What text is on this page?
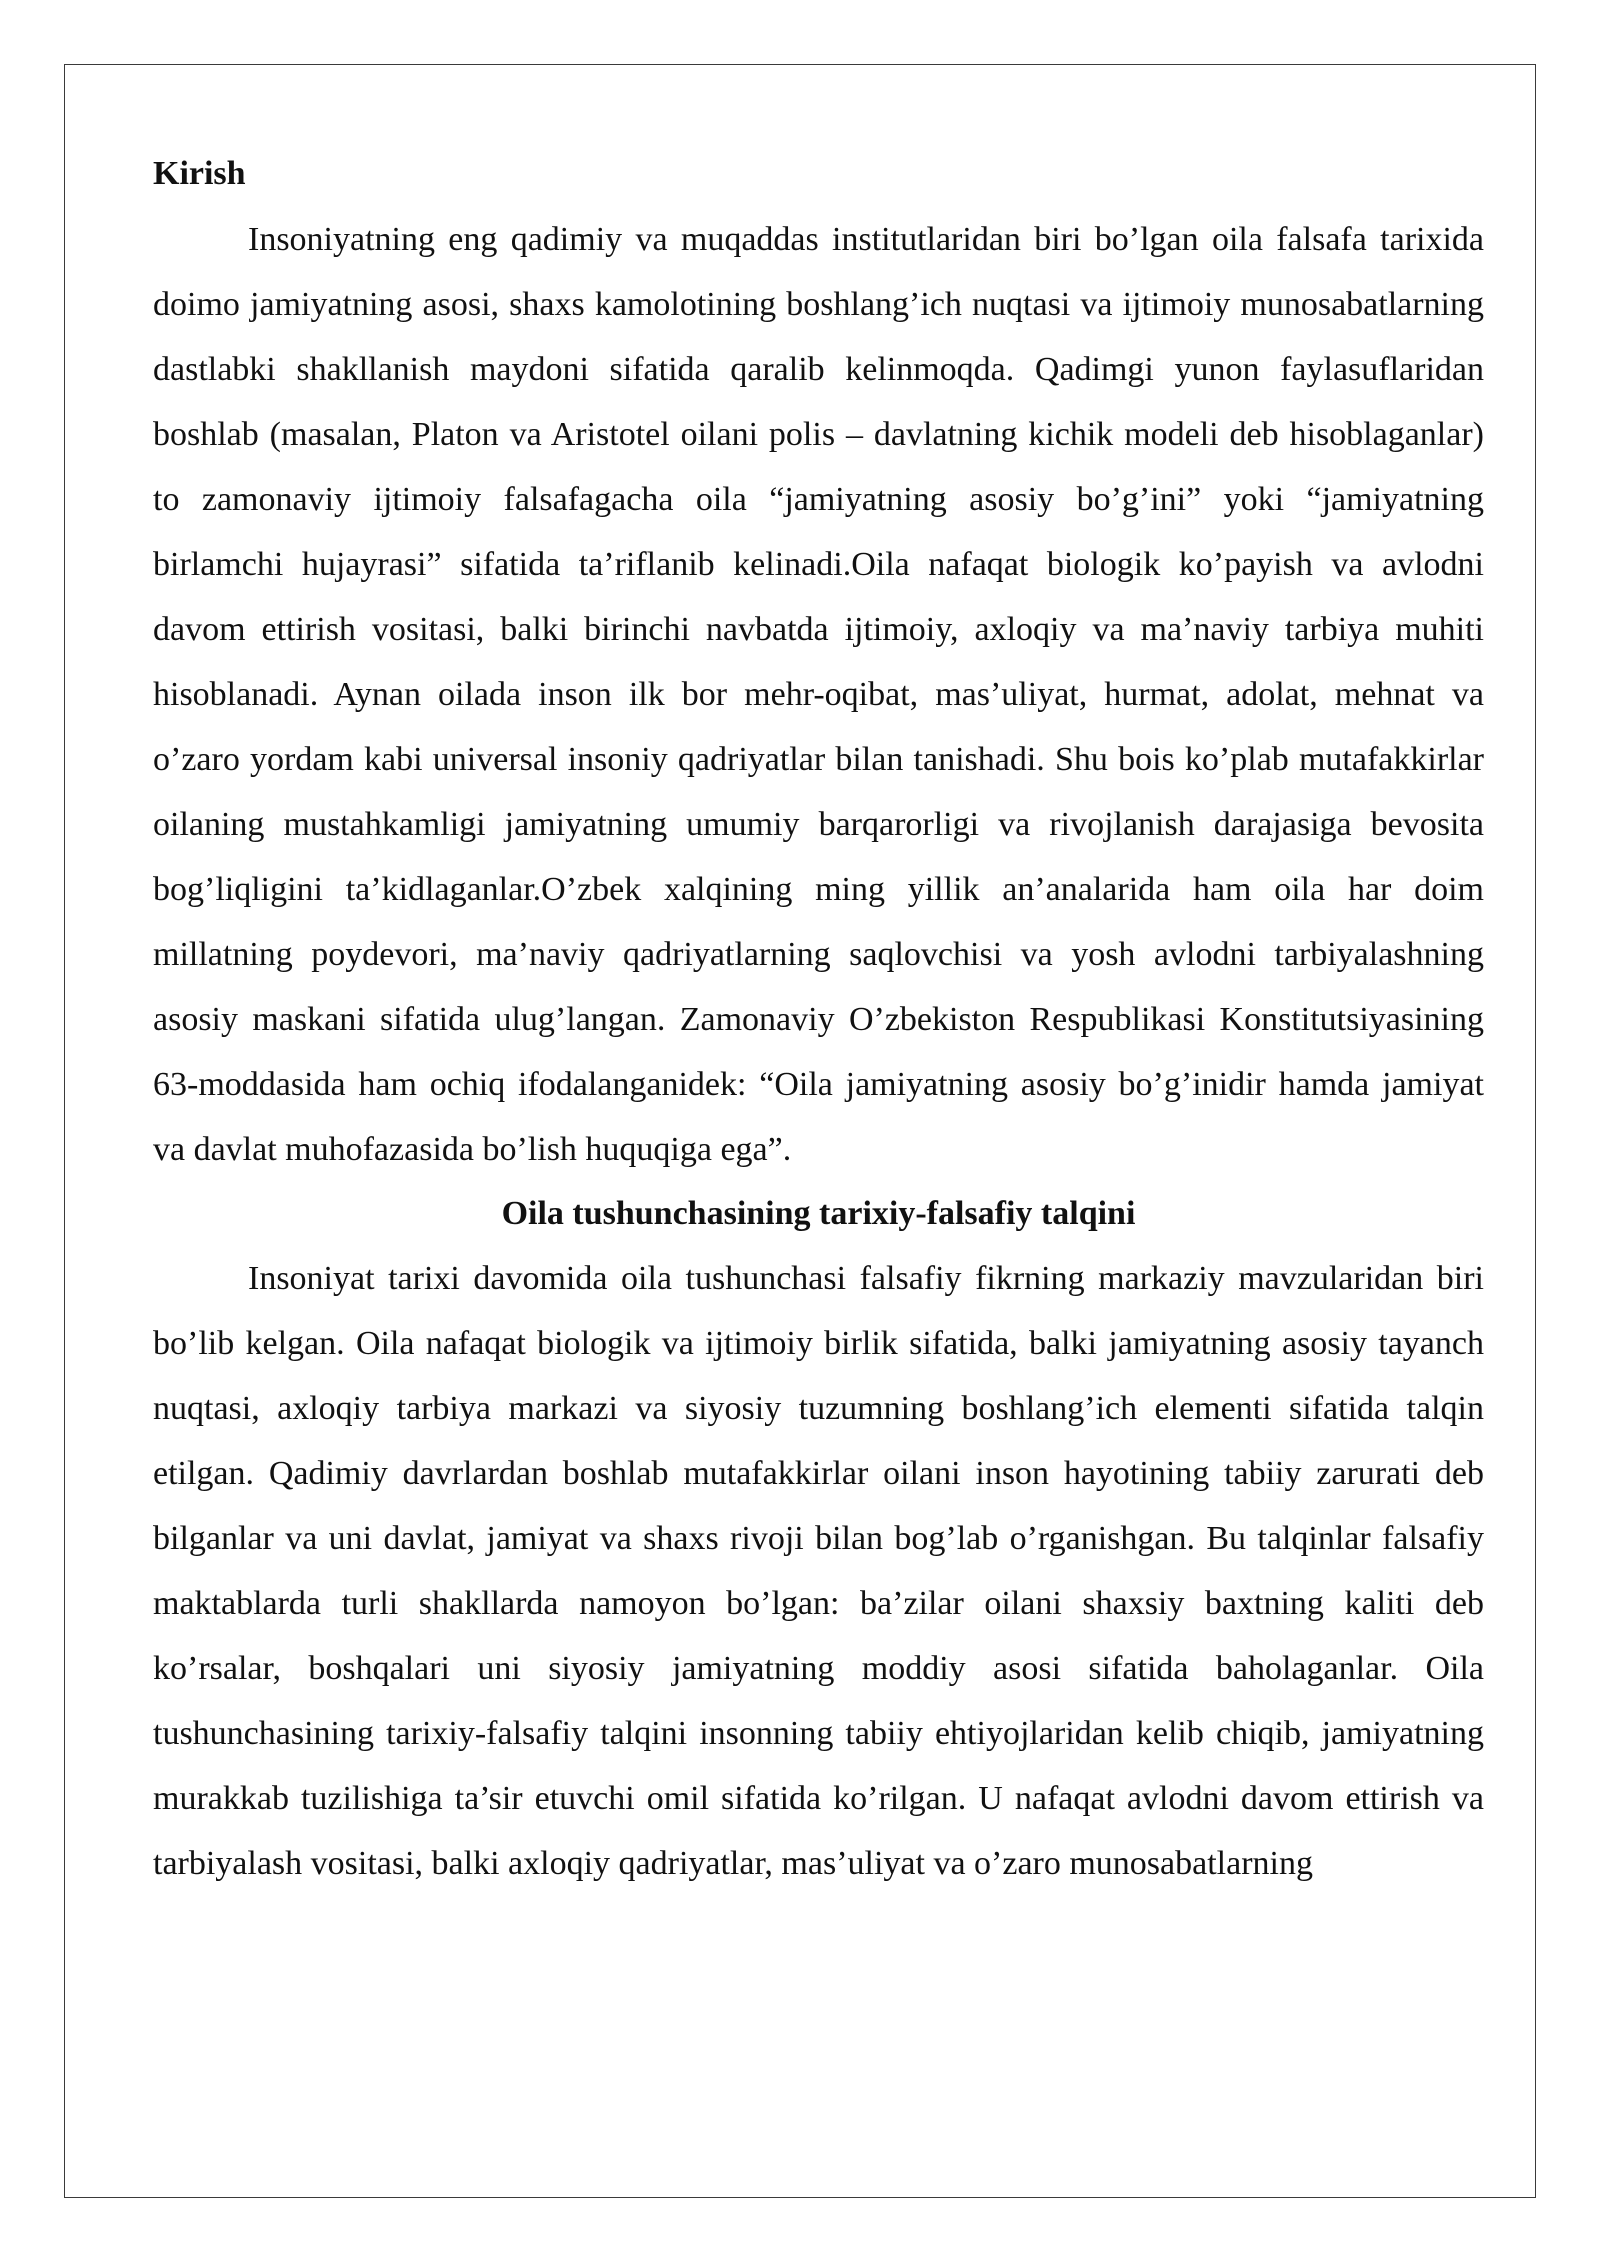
Kirish

Insoniyatning eng qadimiy va muqaddas institutlaridan biri bo’lgan oila falsafa tarixida doimo jamiyatning asosi, shaxs kamolotining boshlang’ich nuqtasi va ijtimoiy munosabatlarning dastlabki shakllanish maydoni sifatida qaralib kelinmoqda. Qadimgi yunon faylasuflaridan boshlab (masalan, Platon va Aristotel oilani polis – davlatning kichik modeli deb hisoblaganlar) to zamonaviy ijtimoiy falsafagacha oila “jamiyatning asosiy bo’g’ini” yoki “jamiyatning birlamchi hujayrasi” sifatida ta’riflanib kelinadi.Oila nafaqat biologik ko’payish va avlodni davom ettirish vositasi, balki birinchi navbatda ijtimoiy, axloqiy va ma’naviy tarbiya muhiti hisoblanadi. Aynan oilada inson ilk bor mehr-oqibat, mas’uliyat, hurmat, adolat, mehnat va o’zaro yordam kabi universal insoniy qadriyatlar bilan tanishadi. Shu bois ko’plab mutafakkirlar oilaning mustahkamligi jamiyatning umumiy barqarorligi va rivojlanish darajasiga bevosita bog’liqligini ta’kidlaganlar.O’zbek xalqining ming yillik an’analarida ham oila har doim millatning poydevori, ma’naviy qadriyatlarning saqlovchisi va yosh avlodni tarbiyalashning asosiy maskani sifatida ulug’langan. Zamonaviy O’zbekiston Respublikasi Konstitutsiyasining 63-moddasida ham ochiq ifodalanganidek: “Oila jamiyatning asosiy bo’g’inidir hamda jamiyat va davlat muhofazasida bo’lish huquqiga ega”.

Oila tushunchasining tarixiy-falsafiy talqini

Insoniyat tarixi davomida oila tushunchasi falsafiy fikrning markaziy mavzularidan biri bo’lib kelgan. Oila nafaqat biologik va ijtimoiy birlik sifatida, balki jamiyatning asosiy tayanch nuqtasi, axloqiy tarbiya markazi va siyosiy tuzumning boshlang’ich elementi sifatida talqin etilgan. Qadimiy davrlardan boshlab mutafakkirlar oilani inson hayotining tabiiy zarurati deb bilganlar va uni davlat, jamiyat va shaxs rivoji bilan bog’lab o’rganishgan. Bu talqinlar falsafiy maktablarda turli shakllarda namoyon bo’lgan: ba’zilar oilani shaxsiy baxtning kaliti deb ko’rsalar, boshqalari uni siyosiy jamiyatning moddiy asosi sifatida baholaganlar. Oila tushunchasining tarixiy-falsafiy talqini insonning tabiiy ehtiyojlaridan kelib chiqib, jamiyatning murakkab tuzilishiga ta’sir etuvchi omil sifatida ko’rilgan. U nafaqat avlodni davom ettirish va tarbiyalash vositasi, balki axloqiy qadriyatlar, mas’uliyat va o’zaro munosabatlarning
